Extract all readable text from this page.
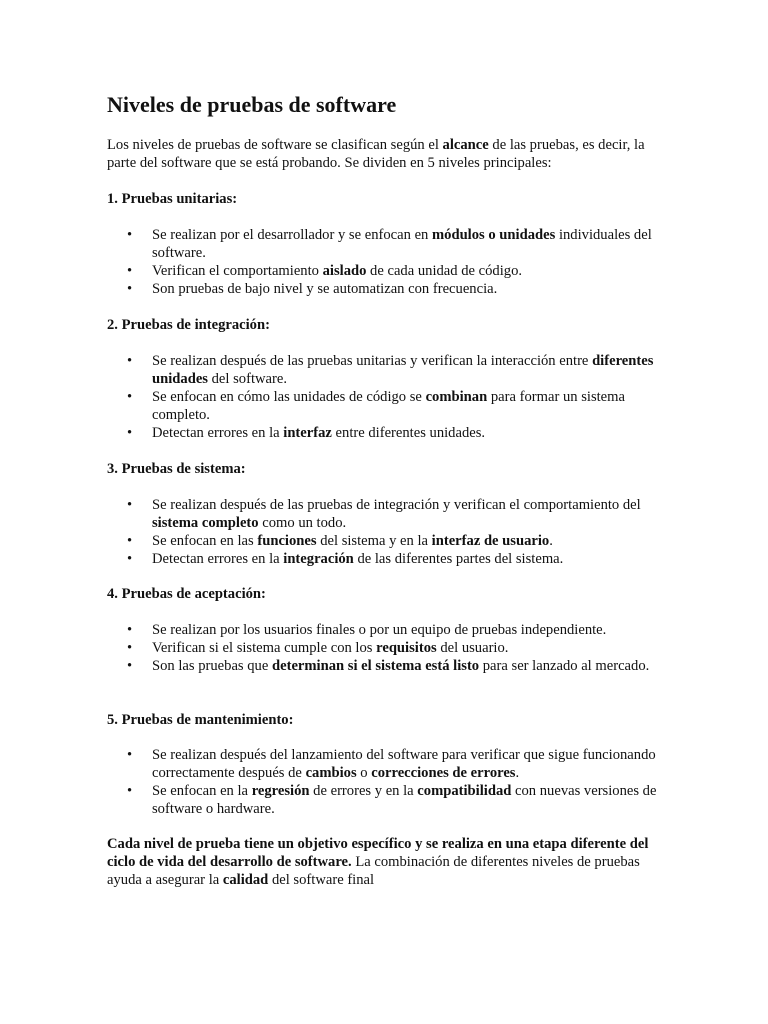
Niveles de pruebas de software

Los niveles de pruebas de software se clasifican según el alcance de las pruebas, es decir, la parte del software que se está probando. Se dividen en 5 niveles principales:

1. Pruebas unitarias:
• Se realizan por el desarrollador y se enfocan en módulos o unidades individuales del software.
• Verifican el comportamiento aislado de cada unidad de código.
• Son pruebas de bajo nivel y se automatizan con frecuencia.
2. Pruebas de integración:
• Se realizan después de las pruebas unitarias y verifican la interacción entre diferentes unidades del software.
• Se enfocan en cómo las unidades de código se combinan para formar un sistema completo.
• Detectan errores en la interfaz entre diferentes unidades.
3. Pruebas de sistema:
• Se realizan después de las pruebas de integración y verifican el comportamiento del sistema completo como un todo.
• Se enfocan en las funciones del sistema y en la interfaz de usuario.
• Detectan errores en la integración de las diferentes partes del sistema.
4. Pruebas de aceptación:
• Se realizan por los usuarios finales o por un equipo de pruebas independiente.
• Verifican si el sistema cumple con los requisitos del usuario.
• Son las pruebas que determinan si el sistema está listo para ser lanzado al mercado.
5. Pruebas de mantenimiento:
• Se realizan después del lanzamiento del software para verificar que sigue funcionando correctamente después de cambios o correcciones de errores.
• Se enfocan en la regresión de errores y en la compatibilidad con nuevas versiones de software o hardware.

Cada nivel de prueba tiene un objetivo específico y se realiza en una etapa diferente del ciclo de vida del desarrollo de software. La combinación de diferentes niveles de pruebas ayuda a asegurar la calidad del software final
